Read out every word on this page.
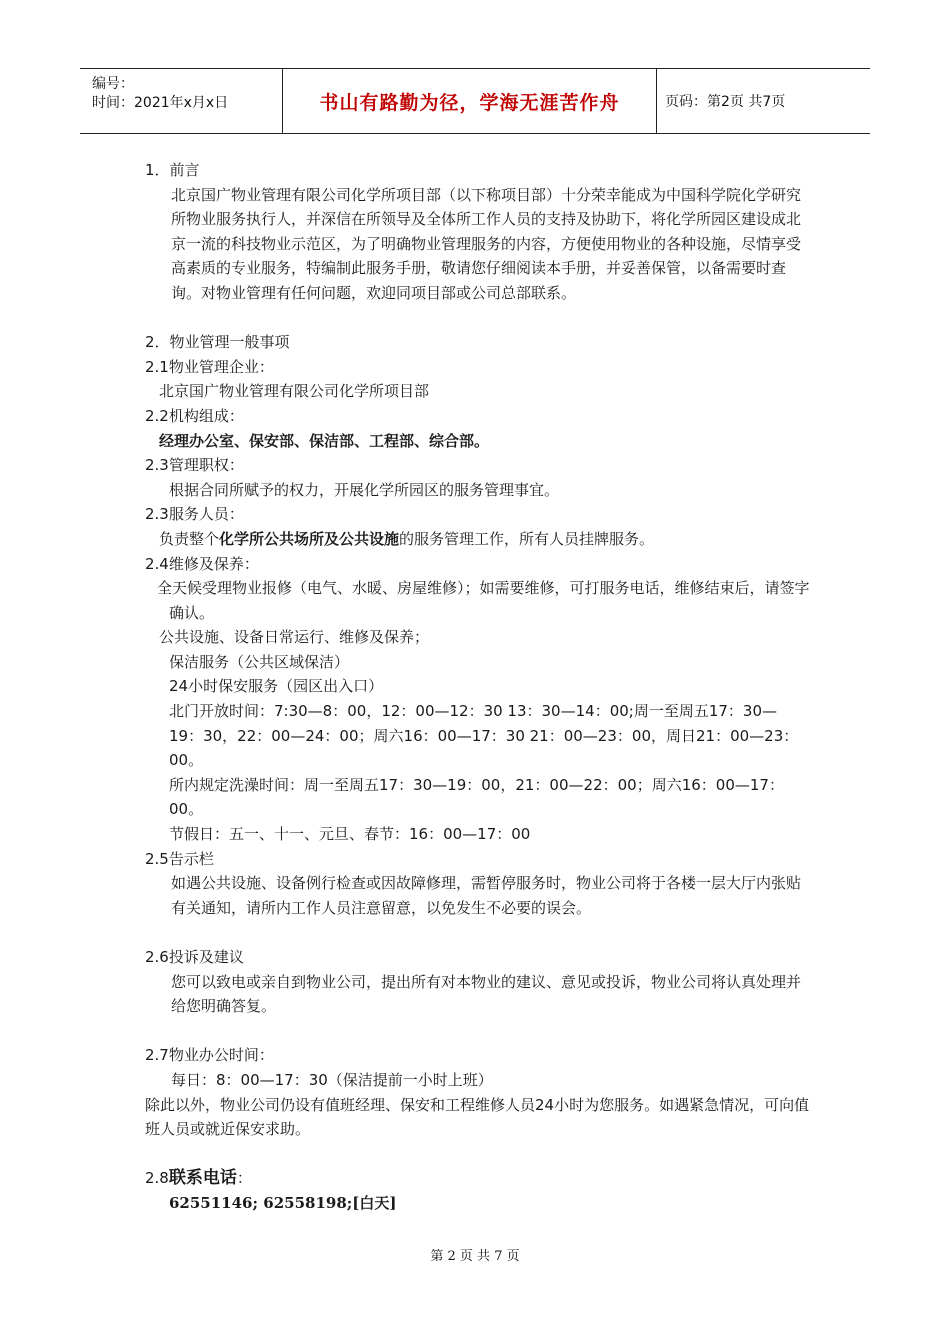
编号：
时间：2021年x月x日	书山有路勤为径，学海无涯苦作舟	页码：第2页 共7页

1．前言

北京国广物业管理有限公司化学所项目部（以下称项目部）十分荣幸能成为中国科学院化学研究所物业服务执行人，并深信在所领导及全体所工作人员的支持及协助下，将化学所园区建设成北京一流的科技物业示范区，为了明确物业管理服务的内容，方便使用物业的各种设施，尽情享受高素质的专业服务，特编制此服务手册，敬请您仔细阅读本手册，并妥善保管，以备需要时查询。对物业管理有任何问题，欢迎同项目部或公司总部联系。

2．物业管理一般事项

2.1物业管理企业：

北京国广物业管理有限公司化学所项目部

2.2机构组成：

经理办公室、保安部、保洁部、工程部、综合部。

2.3管理职权：

根据合同所赋予的权力，开展化学所园区的服务管理事宜。

2.3服务人员：

负责整个化学所公共场所及公共设施的服务管理工作，所有人员挂牌服务。

2.4维修及保养：

全天候受理物业报修（电气、水暖、房屋维修）；如需要维修，可打服务电话，维修结束后，请签字确认。

公共设施、设备日常运行、维修及保养；

保洁服务（公共区域保洁）

24小时保安服务（园区出入口）

北门开放时间：7:30—8：00，12：00—12：30 13：30—14：00;周一至周五17：30—19：30，22：00—24：00；周六16：00—17：30 21：00—23：00，周日21：00—23：00。

所内规定洗澡时间：周一至周五17：30—19：00，21：00—22：00；周六16：00—17：00。

节假日：五一、十一、元旦、春节：16：00—17：00

2.5告示栏

如遇公共设施、设备例行检查或因故障修理，需暂停服务时，物业公司将于各楼一层大厅内张贴有关通知，请所内工作人员注意留意，以免发生不必要的误会。

2.6投诉及建议

您可以致电或亲自到物业公司，提出所有对本物业的建议、意见或投诉，物业公司将认真处理并给您明确答复。

2.7物业办公时间：

每日：8：00—17：30（保洁提前一小时上班）

除此以外，物业公司仍设有值班经理、保安和工程维修人员24小时为您服务。如遇紧急情况，可向值班人员或就近保安求助。

2.8联系电话：

62551146; 62558198;[白天]

第 2 页 共 7 页
